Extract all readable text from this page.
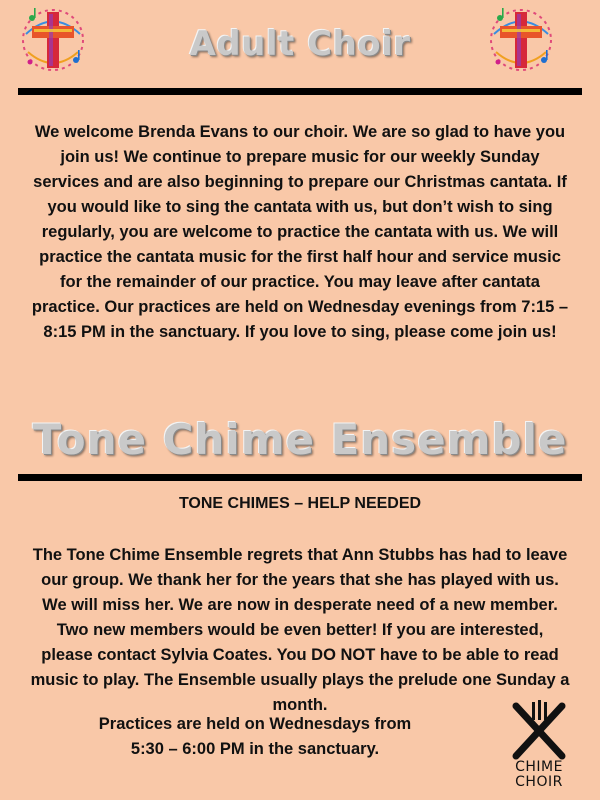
Adult Choir
We welcome Brenda Evans to our choir. We are so glad to have you join us! We continue to prepare music for our weekly Sunday services and are also beginning to prepare our Christmas cantata. If you would like to sing the cantata with us, but don’t wish to sing regularly, you are welcome to practice the cantata with us. We will practice the cantata music for the first half hour and service music for the remainder of our practice. You may leave after cantata practice. Our practices are held on Wednesday evenings from 7:15 – 8:15 PM in the sanctuary. If you love to sing, please come join us!
Tone Chime Ensemble
TONE CHIMES – HELP NEEDED
The Tone Chime Ensemble regrets that Ann Stubbs has had to leave our group. We thank her for the years that she has played with us. We will miss her. We are now in desperate need of a new member. Two new members would be even better! If you are interested, please contact Sylvia Coates. You DO NOT have to be able to read music to play. The Ensemble usually plays the prelude one Sunday a month.
Practices are held on Wednesdays from 5:30 – 6:00 PM in the sanctuary.
CHIME CHOIR
